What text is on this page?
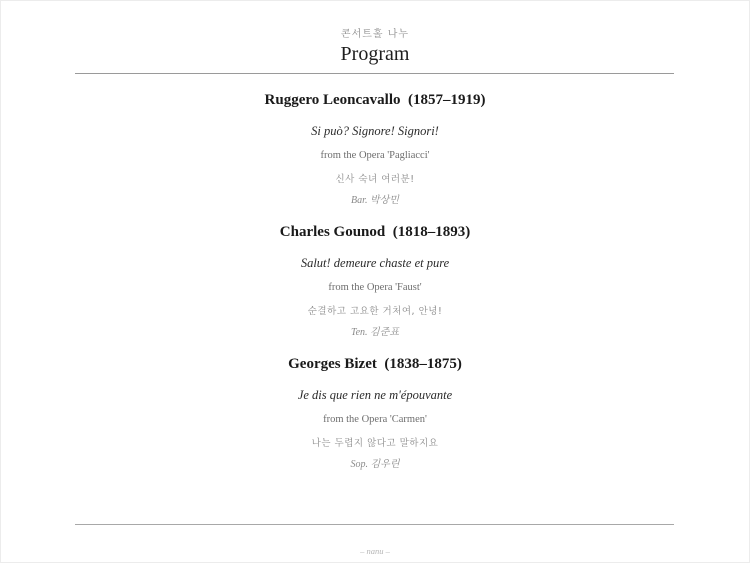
콘서트홀 나누
Program
Ruggero Leoncavallo  (1857–1919)
Si può? Signore! Signori!
from the Opera 'Pagliacci'
신사 숙녀 여러분!
Bar. 박상민
Charles Gounod  (1818–1893)
Salut! demeure chaste et pure
from the Opera 'Faust'
순결하고 고요한 거처여, 안녕!
Ten. 김준표
Georges Bizet  (1838–1875)
Je dis que rien ne m'épouvante
from the Opera 'Carmen'
나는 두렵지 않다고 말하지요
Sop. 김우린
– nanu –
